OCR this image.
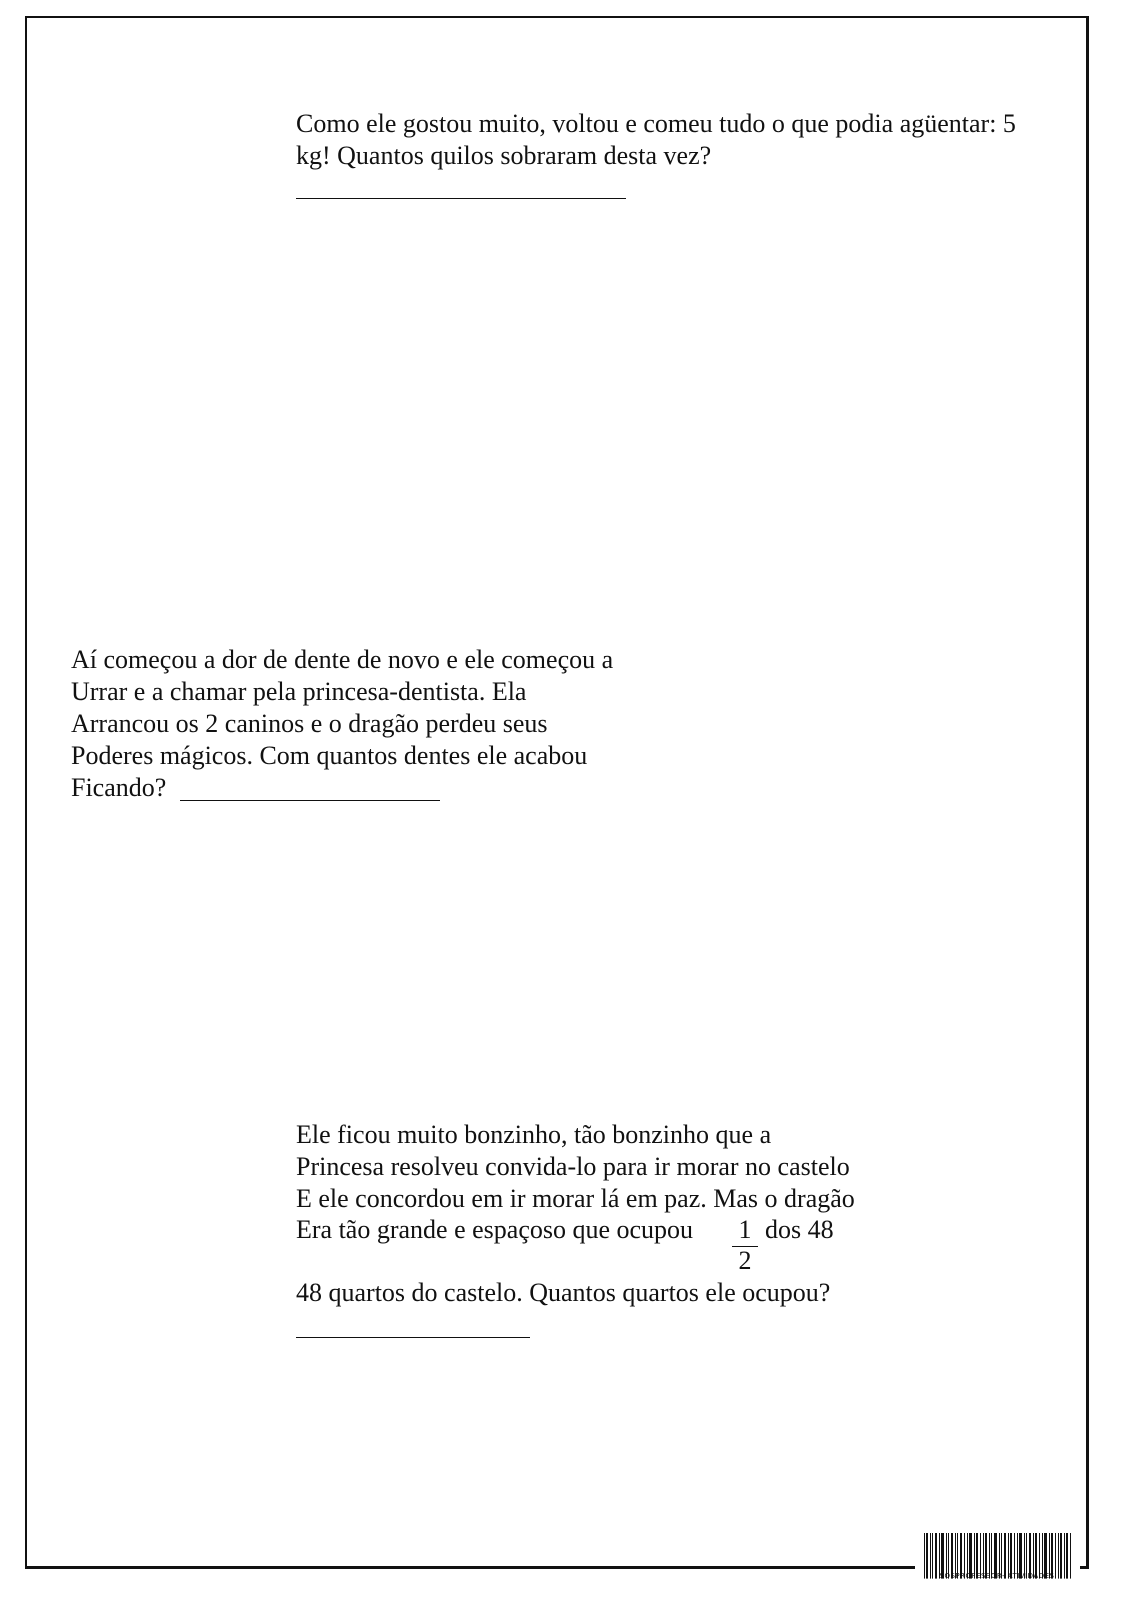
Como ele gostou muito, voltou e comeu tudo o que podia agüentar: 5
kg! Quantos quilos sobraram desta vez?
Aí começou a dor de dente de novo e ele começou a
Urrar e a chamar pela princesa-dentista. Ela
Arrancou os 2 caninos e o dragão perdeu seus
Poderes mágicos. Com quantos dentes ele acabou
Ficando?
Ele ficou muito bonzinho, tão bonzinho que a
Princesa resolveu convida-lo para ir morar no castelo
E ele concordou em ir morar lá em paz. Mas o dragão
Era tão grande e espaçoso que ocupou 1 dos 48
2
48 quartos do castelo. Quantos quartos ele ocupou?
SOSPROFESSOR- ATIVIDADES
